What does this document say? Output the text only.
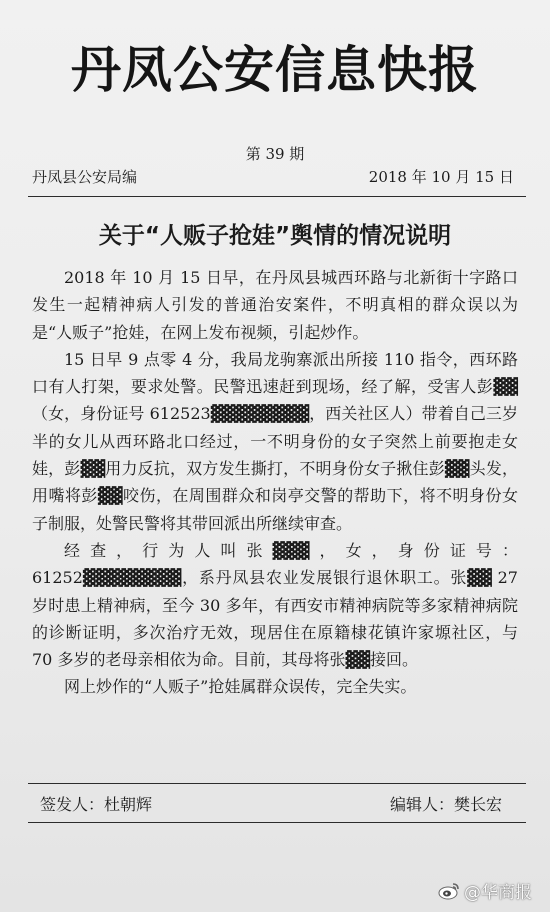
丹凤公安信息快报
第 39 期
丹凤县公安局编	2018 年 10 月 15 日
关于“人贩子抢娃”舆情的情况说明

2018 年 10 月 15 日早，在丹凤县城西环路与北新街十字路口发生一起精神病人引发的普通治安案件，不明真相的群众误以为是“人贩子”抢娃，在网上发布视频，引起炒作。

15 日早 9 点零 4 分，我局龙驹寨派出所接 110 指令，西环路口有人打架，要求处警。民警迅速赶到现场，经了解，受害人彭▓▓（女，身份证号 612523▓▓▓▓▓▓▓▓，西关社区人）带着自己三岁半的女儿从西环路北口经过，一不明身份的女子突然上前要抱走女娃，彭▓▓用力反抗，双方发生撕打，不明身份女子揪住彭▓▓头发，用嘴将彭▓▓咬伤，在周围群众和岗亭交警的帮助下，将不明身份女子制服，处警民警将其带回派出所继续审查。

经查，行为人叫张▓▓▓，女，身份证号：61252▓▓▓▓▓▓▓▓，系丹凤县农业发展银行退休职工。张▓▓ 27 岁时患上精神病，至今 30 多年，有西安市精神病院等多家精神病院的诊断证明，多次治疗无效，现居住在原籍棣花镇许家塬社区，与 70 多岁的老母亲相依为命。目前，其母将张▓▓接回。

网上炒作的“人贩子”抢娃属群众误传，完全失实。

签发人：杜朝辉	编辑人：樊长宏
@华商报
